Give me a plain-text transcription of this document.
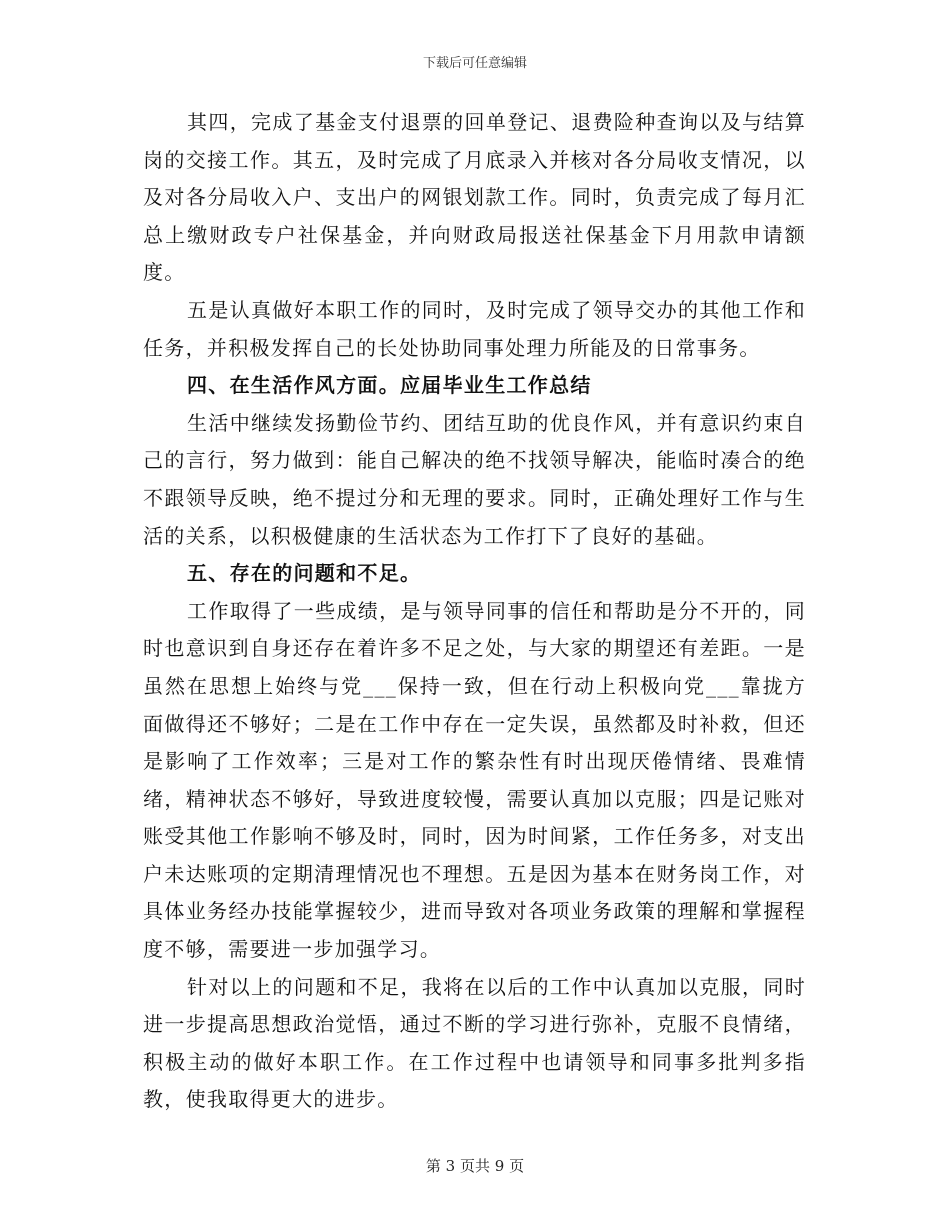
下载后可任意编辑

其四，完成了基金支付退票的回单登记、退费险种查询以及与结算岗的交接工作。其五，及时完成了月底录入并核对各分局收支情况，以及对各分局收入户、支出户的网银划款工作。同时，负责完成了每月汇总上缴财政专户社保基金，并向财政局报送社保基金下月用款申请额度。

五是认真做好本职工作的同时，及时完成了领导交办的其他工作和任务，并积极发挥自己的长处协助同事处理力所能及的日常事务。

四、在生活作风方面。应届毕业生工作总结

生活中继续发扬勤俭节约、团结互助的优良作风，并有意识约束自己的言行，努力做到：能自己解决的绝不找领导解决，能临时凑合的绝不跟领导反映，绝不提过分和无理的要求。同时，正确处理好工作与生活的关系，以积极健康的生活状态为工作打下了良好的基础。

五、存在的问题和不足。

工作取得了一些成绩，是与领导同事的信任和帮助是分不开的，同时也意识到自身还存在着许多不足之处，与大家的期望还有差距。一是虽然在思想上始终与党___保持一致，但在行动上积极向党___靠拢方面做得还不够好；二是在工作中存在一定失误，虽然都及时补救，但还是影响了工作效率；三是对工作的繁杂性有时出现厌倦情绪、畏难情绪，精神状态不够好，导致进度较慢，需要认真加以克服；四是记账对账受其他工作影响不够及时，同时，因为时间紧，工作任务多，对支出户未达账项的定期清理情况也不理想。五是因为基本在财务岗工作，对具体业务经办技能掌握较少，进而导致对各项业务政策的理解和掌握程度不够，需要进一步加强学习。

针对以上的问题和不足，我将在以后的工作中认真加以克服，同时进一步提高思想政治觉悟，通过不断的学习进行弥补，克服不良情绪，积极主动的做好本职工作。在工作过程中也请领导和同事多批判多指教，使我取得更大的进步。

第 3 页共 9 页
